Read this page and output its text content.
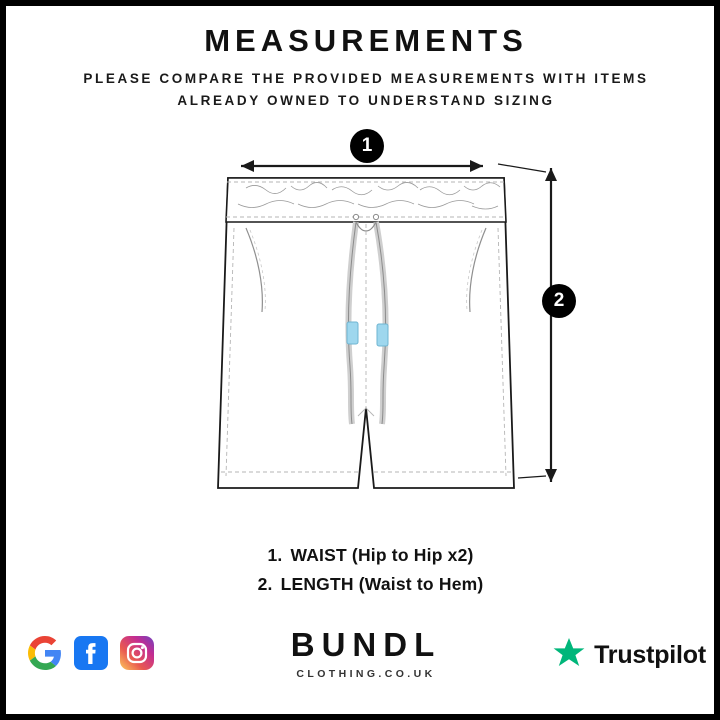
MEASUREMENTS
PLEASE COMPARE THE PROVIDED MEASUREMENTS WITH ITEMS ALREADY OWNED TO UNDERSTAND SIZING
1
2
1. WAIST (Hip to Hip x2)
2. LENGTH (Waist to Hem)
BUNDL
CLOTHING.CO.UK
Trustpilot
